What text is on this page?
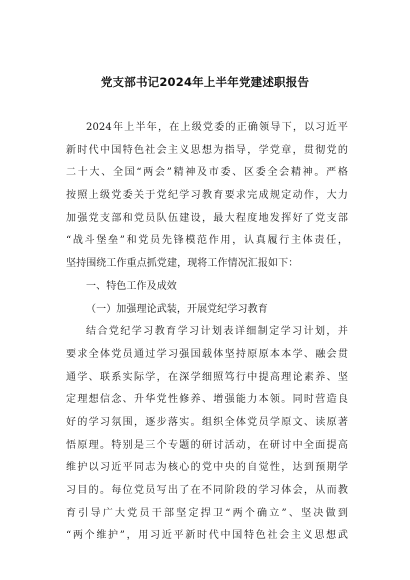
党支部书记2024年上半年党建述职报告
2024年上半年，在上级党委的正确领导下，以习近平
新时代中国特色社会主义思想为指导，学党章，贯彻党的
二十大、全国“两会”精神及市委、区委全会精神。严格
按照上级党委关于党纪学习教育要求完成规定动作，大力
加强党支部和党员队伍建设，最大程度地发挥好了党支部
“战斗堡垒”和党员先锋模范作用，认真履行主体责任，
坚持围绕工作重点抓党建，现将工作情况汇报如下：
一、特色工作及成效
（一）加强理论武装，开展党纪学习教育
结合党纪学习教育学习计划表详细制定学习计划，并
要求全体党员通过学习强国载体坚持原原本本学、融会贯
通学、联系实际学，在深学细照笃行中提高理论素养、坚
定理想信念、升华党性修养、增强能力本领。同时营造良
好的学习氛围，逐步落实。组织全体党员学原文、读原著
悟原理。特别是三个专题的研讨活动，在研讨中全面提高
维护以习近平同志为核心的党中央的自觉性，达到预期学
习目的。每位党员写出了在不同阶段的学习体会，从而教
育引导广大党员干部坚定捍卫“两个确立”、坚决做到
“两个维护”，用习近平新时代中国特色社会主义思想武
